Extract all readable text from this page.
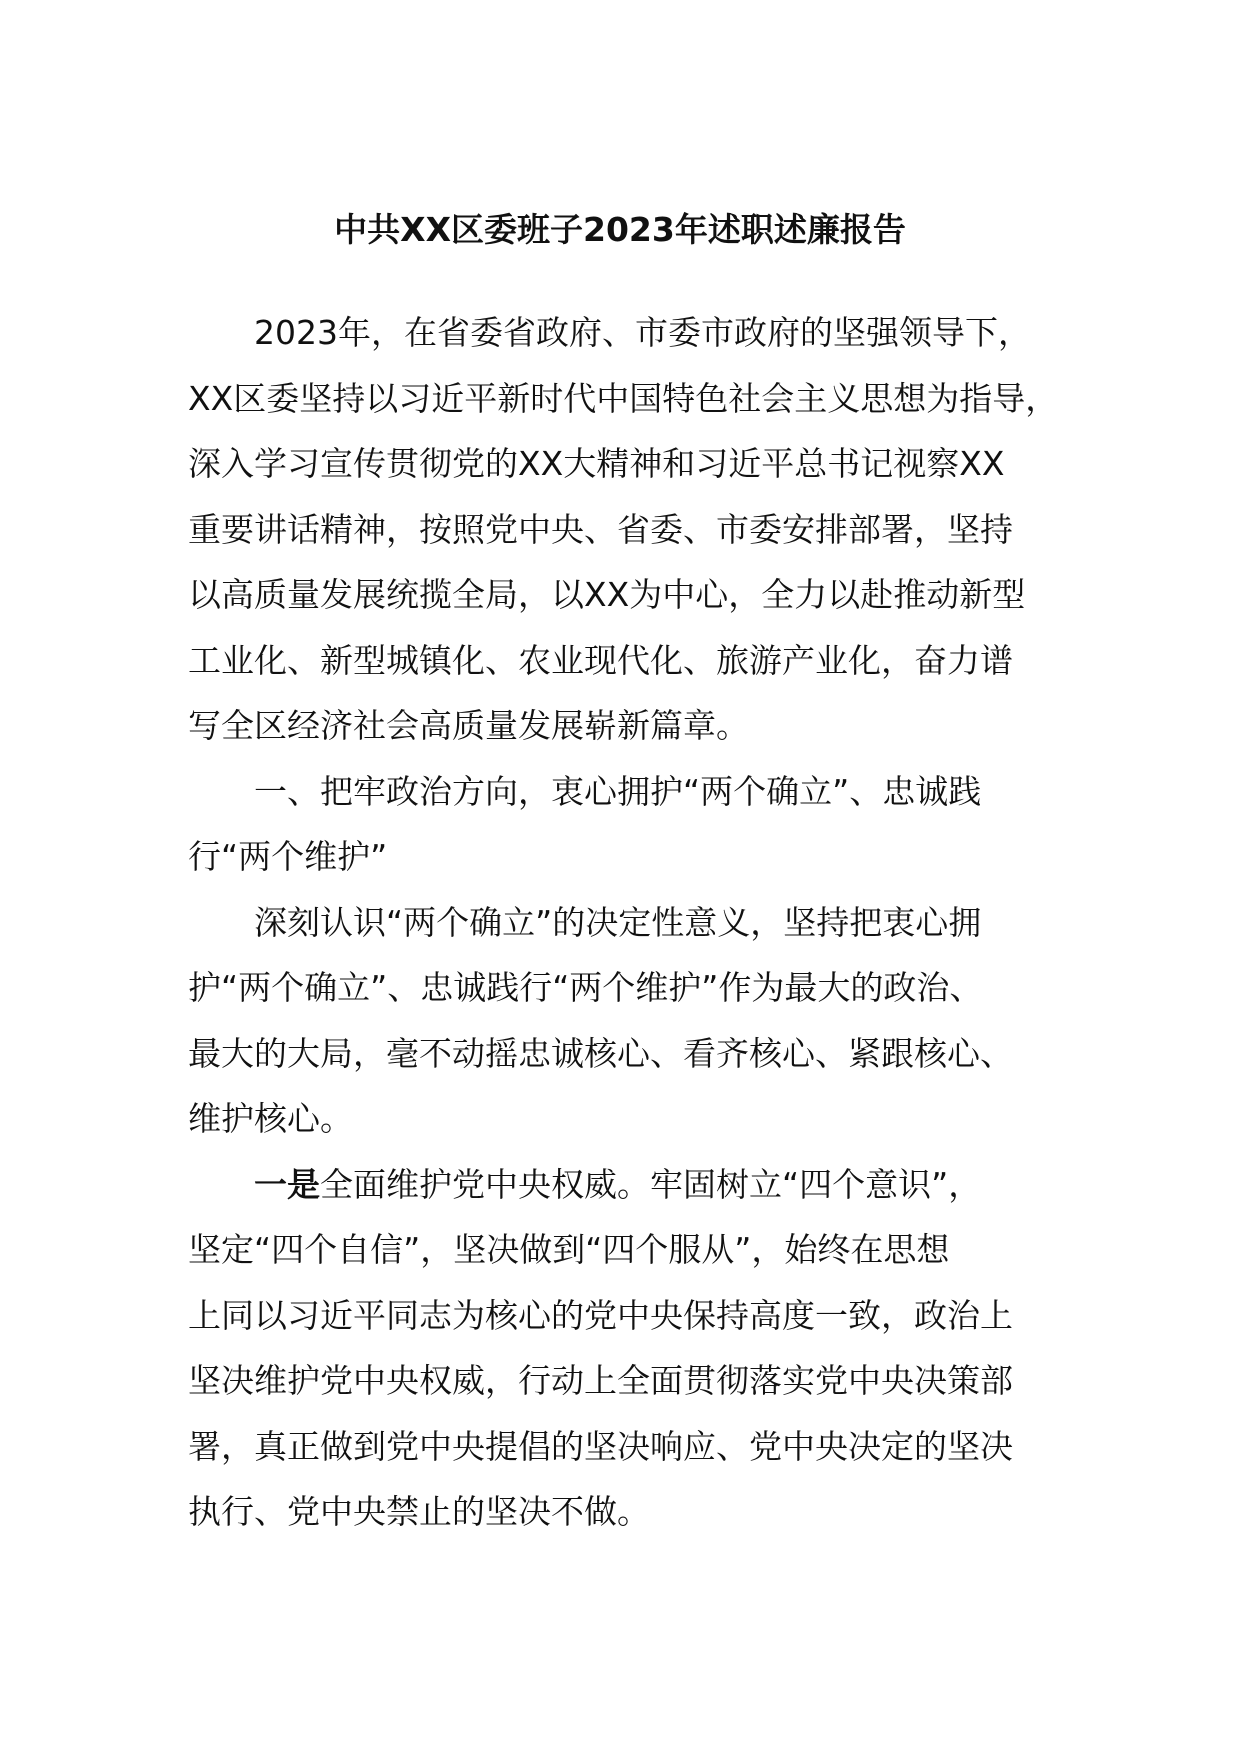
中共XX区委班子2023年述职述廉报告
2023年，在省委省政府、市委市政府的坚强领导下，
XX区委坚持以习近平新时代中国特色社会主义思想为指导，
深入学习宣传贯彻党的XX大精神和习近平总书记视察XX
重要讲话精神，按照党中央、省委、市委安排部署，坚持
以高质量发展统揽全局，以XX为中心，全力以赴推动新型
工业化、新型城镇化、农业现代化、旅游产业化，奋力谱
写全区经济社会高质量发展崭新篇章。
一、把牢政治方向，衷心拥护“两个确立”、忠诚践
行“两个维护”
深刻认识“两个确立”的决定性意义，坚持把衷心拥
护“两个确立”、忠诚践行“两个维护”作为最大的政治、
最大的大局，毫不动摇忠诚核心、看齐核心、紧跟核心、
维护核心。
一是全面维护党中央权威。牢固树立“四个意识”，
坚定“四个自信”，坚决做到“四个服从”，始终在思想
上同以习近平同志为核心的党中央保持高度一致，政治上
坚决维护党中央权威，行动上全面贯彻落实党中央决策部
署，真正做到党中央提倡的坚决响应、党中央决定的坚决
执行、党中央禁止的坚决不做。
